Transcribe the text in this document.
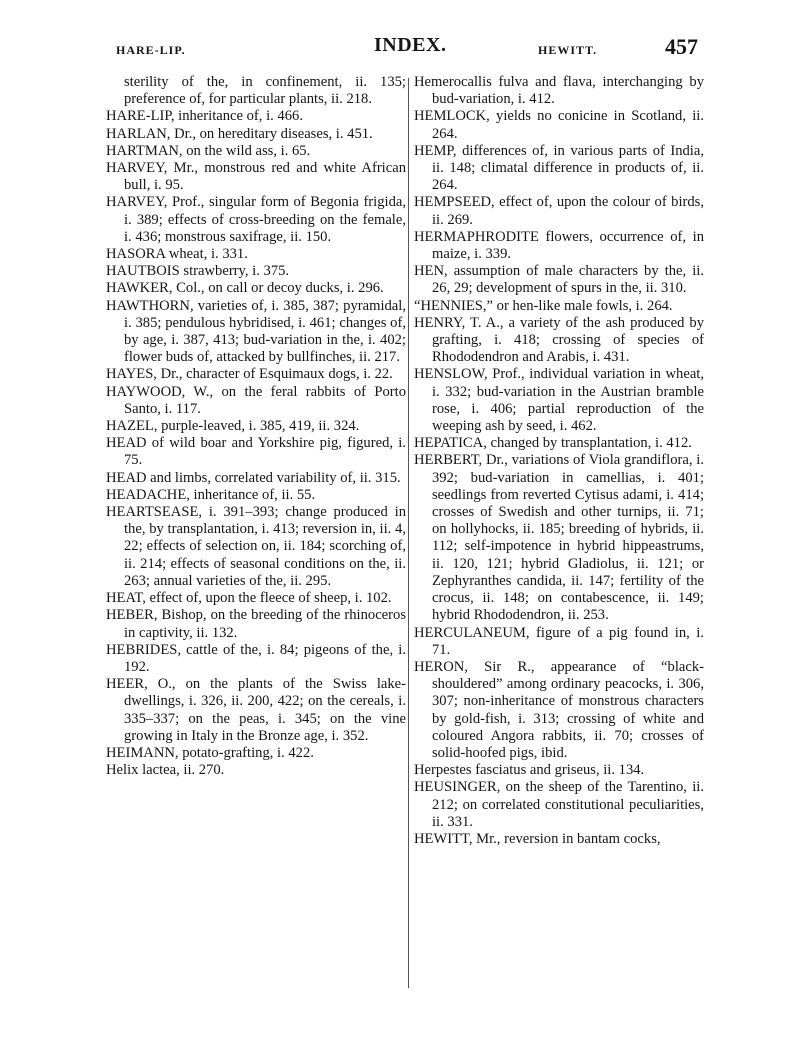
HARE-LIP.	INDEX.	HEWITT.	457

sterility of the, in confinement, ii. 135; preference of, for particular plants, ii. 218.

HARE-LIP, inheritance of, i. 466.

HARLAN, Dr., on hereditary diseases, i. 451.

HARTMAN, on the wild ass, i. 65.

HARVEY, Mr., monstrous red and white African bull, i. 95.

HARVEY, Prof., singular form of Begonia frigida, i. 389; effects of cross-breeding on the female, i. 436; monstrous saxifrage, ii. 150.

HASORA wheat, i. 331.

HAUTBOIS strawberry, i. 375.

HAWKER, Col., on call or decoy ducks, i. 296.

HAWTHORN, varieties of, i. 385, 387; pyramidal, i. 385; pendulous hybridised, i. 461; changes of, by age, i. 387, 413; bud-variation in the, i. 402; flower buds of, attacked by bullfinches, ii. 217.

HAYES, Dr., character of Esquimaux dogs, i. 22.

HAYWOOD, W., on the feral rabbits of Porto Santo, i. 117.

HAZEL, purple-leaved, i. 385, 419, ii. 324.

HEAD of wild boar and Yorkshire pig, figured, i. 75.

HEAD and limbs, correlated variability of, ii. 315.

HEADACHE, inheritance of, ii. 55.

HEARTSEASE, i. 391–393; change produced in the, by transplantation, i. 413; reversion in, ii. 4, 22; effects of selection on, ii. 184; scorching of, ii. 214; effects of seasonal conditions on the, ii. 263; annual varieties of the, ii. 295.

HEAT, effect of, upon the fleece of sheep, i. 102.

HEBER, Bishop, on the breeding of the rhinoceros in captivity, ii. 132.

HEBRIDES, cattle of the, i. 84; pigeons of the, i. 192.

HEER, O., on the plants of the Swiss lake-dwellings, i. 326, ii. 200, 422; on the cereals, i. 335–337; on the peas, i. 345; on the vine growing in Italy in the Bronze age, i. 352.

HEIMANN, potato-grafting, i. 422.

Helix lactea, ii. 270.

Hemerocallis fulva and flava, interchanging by bud-variation, i. 412.

HEMLOCK, yields no conicine in Scotland, ii. 264.

HEMP, differences of, in various parts of India, ii. 148; climatal difference in products of, ii. 264.

HEMPSEED, effect of, upon the colour of birds, ii. 269.

HERMAPHRODITE flowers, occurrence of, in maize, i. 339.

HEN, assumption of male characters by the, ii. 26, 29; development of spurs in the, ii. 310.

“HENNIES,” or hen-like male fowls, i. 264.

HENRY, T. A., a variety of the ash produced by grafting, i. 418; crossing of species of Rhododendron and Arabis, i. 431.

HENSLOW, Prof., individual variation in wheat, i. 332; bud-variation in the Austrian bramble rose, i. 406; partial reproduction of the weeping ash by seed, i. 462.

HEPATICA, changed by transplantation, i. 412.

HERBERT, Dr., variations of Viola grandiflora, i. 392; bud-variation in camellias, i. 401; seedlings from reverted Cytisus adami, i. 414; crosses of Swedish and other turnips, ii. 71; on hollyhocks, ii. 185; breeding of hybrids, ii. 112; self-impotence in hybrid hippeastrums, ii. 120, 121; hybrid Gladiolus, ii. 121; or Zephyranthes candida, ii. 147; fertility of the crocus, ii. 148; on contabescence, ii. 149; hybrid Rhododendron, ii. 253.

HERCULANEUM, figure of a pig found in, i. 71.

HERON, Sir R., appearance of “black-shouldered” among ordinary peacocks, i. 306, 307; non-inheritance of monstrous characters by gold-fish, i. 313; crossing of white and coloured Angora rabbits, ii. 70; crosses of solid-hoofed pigs, ibid.

Herpestes fasciatus and griseus, ii. 134.

HEUSINGER, on the sheep of the Tarentino, ii. 212; on correlated constitutional peculiarities, ii. 331.

HEWITT, Mr., reversion in bantam cocks,
